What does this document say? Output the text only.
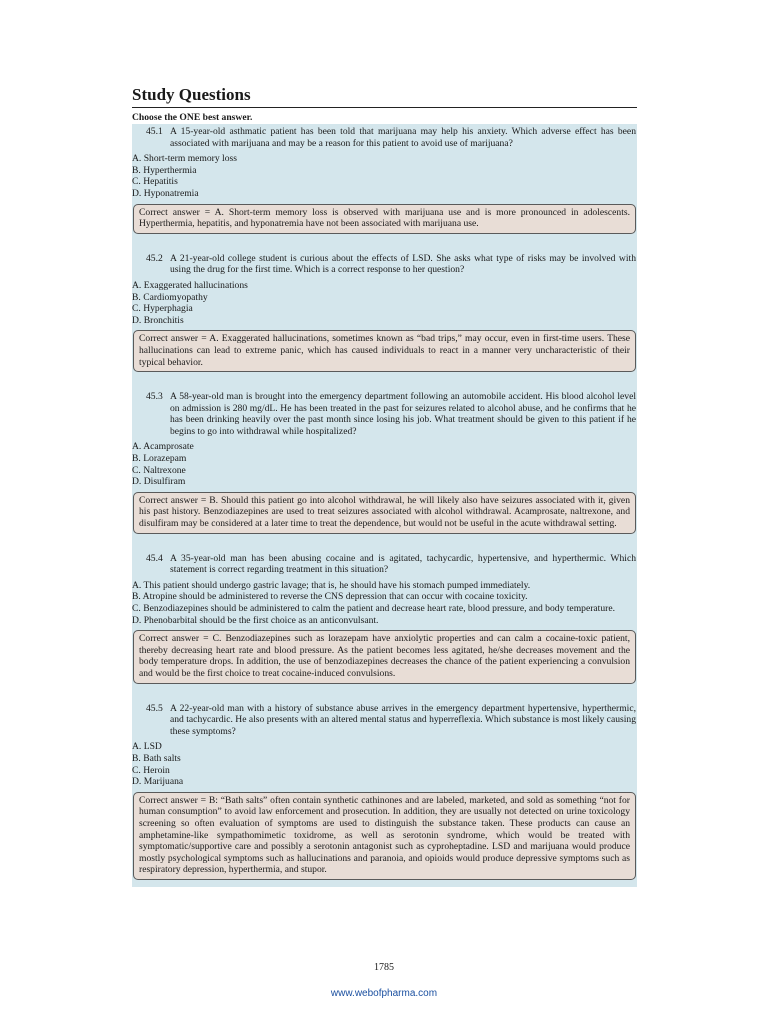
Study Questions
Choose the ONE best answer.
45.1 A 15-year-old asthmatic patient has been told that marijuana may help his anxiety. Which adverse effect has been associated with marijuana and may be a reason for this patient to avoid use of marijuana?
A. Short-term memory loss
B. Hyperthermia
C. Hepatitis
D. Hyponatremia
Correct answer = A. Short-term memory loss is observed with marijuana use and is more pronounced in adolescents. Hyperthermia, hepatitis, and hyponatremia have not been associated with marijuana use.
45.2 A 21-year-old college student is curious about the effects of LSD. She asks what type of risks may be involved with using the drug for the first time. Which is a correct response to her question?
A. Exaggerated hallucinations
B. Cardiomyopathy
C. Hyperphagia
D. Bronchitis
Correct answer = A. Exaggerated hallucinations, sometimes known as “bad trips,” may occur, even in first-time users. These hallucinations can lead to extreme panic, which has caused individuals to react in a manner very uncharacteristic of their typical behavior.
45.3 A 58-year-old man is brought into the emergency department following an automobile accident. His blood alcohol level on admission is 280 mg/dL. He has been treated in the past for seizures related to alcohol abuse, and he confirms that he has been drinking heavily over the past month since losing his job. What treatment should be given to this patient if he begins to go into withdrawal while hospitalized?
A. Acamprosate
B. Lorazepam
C. Naltrexone
D. Disulfiram
Correct answer = B. Should this patient go into alcohol withdrawal, he will likely also have seizures associated with it, given his past history. Benzodiazepines are used to treat seizures associated with alcohol withdrawal. Acamprosate, naltrexone, and disulfiram may be considered at a later time to treat the dependence, but would not be useful in the acute withdrawal setting.
45.4 A 35-year-old man has been abusing cocaine and is agitated, tachycardic, hypertensive, and hyperthermic. Which statement is correct regarding treatment in this situation?
A. This patient should undergo gastric lavage; that is, he should have his stomach pumped immediately.
B. Atropine should be administered to reverse the CNS depression that can occur with cocaine toxicity.
C. Benzodiazepines should be administered to calm the patient and decrease heart rate, blood pressure, and body temperature.
D. Phenobarbital should be the first choice as an anticonvulsant.
Correct answer = C. Benzodiazepines such as lorazepam have anxiolytic properties and can calm a cocaine-toxic patient, thereby decreasing heart rate and blood pressure. As the patient becomes less agitated, he/she decreases movement and the body temperature drops. In addition, the use of benzodiazepines decreases the chance of the patient experiencing a convulsion and would be the first choice to treat cocaine-induced convulsions.
45.5 A 22-year-old man with a history of substance abuse arrives in the emergency department hypertensive, hyperthermic, and tachycardic. He also presents with an altered mental status and hyperreflexia. Which substance is most likely causing these symptoms?
A. LSD
B. Bath salts
C. Heroin
D. Marijuana
Correct answer = B: “Bath salts” often contain synthetic cathinones and are labeled, marketed, and sold as something “not for human consumption” to avoid law enforcement and prosecution. In addition, they are usually not detected on urine toxicology screening so often evaluation of symptoms are used to distinguish the substance taken. These products can cause an amphetamine-like sympathomimetic toxidrome, as well as serotonin syndrome, which would be treated with symptomatic/supportive care and possibly a serotonin antagonist such as cyproheptadine. LSD and marijuana would produce mostly psychological symptoms such as hallucinations and paranoia, and opioids would produce depressive symptoms such as respiratory depression, hyperthermia, and stupor.
1785
www.webofpharma.com
